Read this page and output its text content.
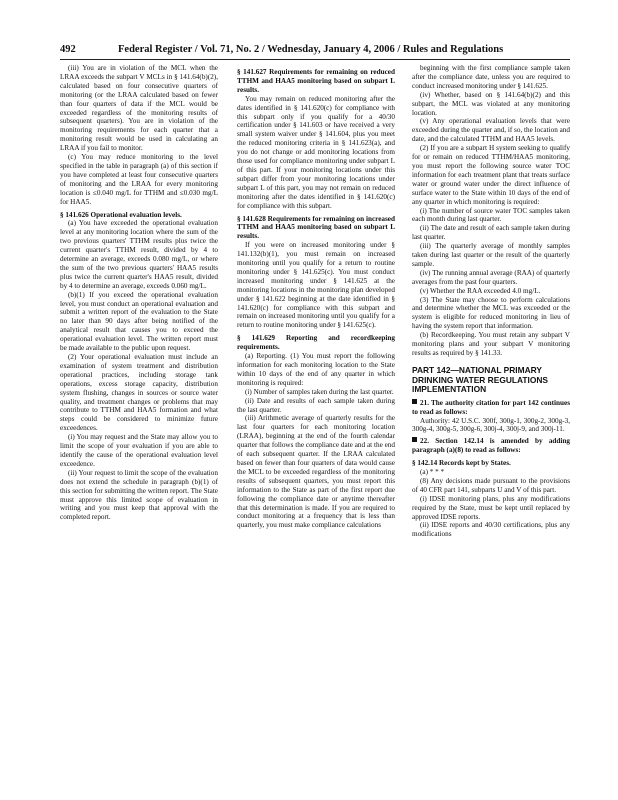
492	Federal Register / Vol. 71, No. 2 / Wednesday, January 4, 2006 / Rules and Regulations

(iii) You are in violation of the MCL when the LRAA exceeds the subpart V MCLs in § 141.64(b)(2), calculated based on four consecutive quarters of monitoring (or the LRAA calculated based on fewer than four quarters of data if the MCL would be exceeded regardless of the monitoring results of subsequent quarters). You are in violation of the monitoring requirements for each quarter that a monitoring result would be used in calculating an LRAA if you fail to monitor.

(c) You may reduce monitoring to the level specified in the table in paragraph (a) of this section if you have completed at least four consecutive quarters of monitoring and the LRAA for every monitoring location is ≤0.040 mg/L for TTHM and ≤0.030 mg/L for HAA5.

§ 141.626 Operational evaluation levels.

(a) You have exceeded the operational evaluation level at any monitoring location where the sum of the two previous quarters' TTHM results plus twice the current quarter's TTHM result, divided by 4 to determine an average, exceeds 0.080 mg/L, or where the sum of the two previous quarters' HAA5 results plus twice the current quarter's HAA5 result, divided by 4 to determine an average, exceeds 0.060 mg/L.

(b)(1) If you exceed the operational evaluation level, you must conduct an operational evaluation and submit a written report of the evaluation to the State no later than 90 days after being notified of the analytical result that causes you to exceed the operational evaluation level. The written report must be made available to the public upon request.

(2) Your operational evaluation must include an examination of system treatment and distribution operational practices, including storage tank operations, excess storage capacity, distribution system flushing, changes in sources or source water quality, and treatment changes or problems that may contribute to TTHM and HAA5 formation and what steps could be considered to minimize future exceedences.

(i) You may request and the State may allow you to limit the scope of your evaluation if you are able to identify the cause of the operational evaluation level exceedence.

(ii) Your request to limit the scope of the evaluation does not extend the schedule in paragraph (b)(1) of this section for submitting the written report. The State must approve this limited scope of evaluation in writing and you must keep that approval with the completed report.

§ 141.627 Requirements for remaining on reduced TTHM and HAA5 monitoring based on subpart L results.

You may remain on reduced monitoring after the dates identified in § 141.620(c) for compliance with this subpart only if you qualify for a 40/30 certification under § 141.603 or have received a very small system waiver under § 141.604, plus you meet the reduced monitoring criteria in § 141.623(a), and you do not change or add monitoring locations from those used for compliance monitoring under subpart L of this part. If your monitoring locations under this subpart differ from your monitoring locations under subpart L of this part, you may not remain on reduced monitoring after the dates identified in § 141.620(c) for compliance with this subpart.

§ 141.628 Requirements for remaining on increased TTHM and HAA5 monitoring based on subpart L results.

If you were on increased monitoring under § 141.132(b)(1), you must remain on increased monitoring until you qualify for a return to routine monitoring under § 141.625(c). You must conduct increased monitoring under § 141.625 at the monitoring locations in the monitoring plan developed under § 141.622 beginning at the date identified in § 141.620(c) for compliance with this subpart and remain on increased monitoring until you qualify for a return to routine monitoring under § 141.625(c).

§ 141.629 Reporting and recordkeeping requirements.

(a) Reporting. (1) You must report the following information for each monitoring location to the State within 10 days of the end of any quarter in which monitoring is required:

(i) Number of samples taken during the last quarter.

(ii) Date and results of each sample taken during the last quarter.

(iii) Arithmetic average of quarterly results for the last four quarters for each monitoring location (LRAA), beginning at the end of the fourth calendar quarter that follows the compliance date and at the end of each subsequent quarter. If the LRAA calculated based on fewer than four quarters of data would cause the MCL to be exceeded regardless of the monitoring results of subsequent quarters, you must report this information to the State as part of the first report due following the compliance date or anytime thereafter that this determination is made. If you are required to conduct monitoring at a frequency that is less than quarterly, you must make compliance calculations

beginning with the first compliance sample taken after the compliance date, unless you are required to conduct increased monitoring under § 141.625.

(iv) Whether, based on § 141.64(b)(2) and this subpart, the MCL was violated at any monitoring location.

(v) Any operational evaluation levels that were exceeded during the quarter and, if so, the location and date, and the calculated TTHM and HAA5 levels.

(2) If you are a subpart H system seeking to qualify for or remain on reduced TTHM/HAA5 monitoring, you must report the following source water TOC information for each treatment plant that treats surface water or ground water under the direct influence of surface water to the State within 10 days of the end of any quarter in which monitoring is required:

(i) The number of source water TOC samples taken each month during last quarter.

(ii) The date and result of each sample taken during last quarter.

(iii) The quarterly average of monthly samples taken during last quarter or the result of the quarterly sample.

(iv) The running annual average (RAA) of quarterly averages from the past four quarters.

(v) Whether the RAA exceeded 4.0 mg/L.

(3) The State may choose to perform calculations and determine whether the MCL was exceeded or the system is eligible for reduced monitoring in lieu of having the system report that information.

(b) Recordkeeping. You must retain any subpart V monitoring plans and your subpart V monitoring results as required by § 141.33.

PART 142—NATIONAL PRIMARY DRINKING WATER REGULATIONS IMPLEMENTATION

21. The authority citation for part 142 continues to read as follows:

Authority: 42 U.S.C. 300f, 300g-1, 300g-2, 300g-3, 300g-4, 300g-5, 300g-6, 300j-4, 300j-9, and 300j-11.

22. Section 142.14 is amended by adding paragraph (a)(8) to read as follows:

§ 142.14 Records kept by States.

(a) * * *

(8) Any decisions made pursuant to the provisions of 40 CFR part 141, subparts U and V of this part.

(i) IDSE monitoring plans, plus any modifications required by the State, must be kept until replaced by approved IDSE reports.

(ii) IDSE reports and 40/30 certifications, plus any modifications
